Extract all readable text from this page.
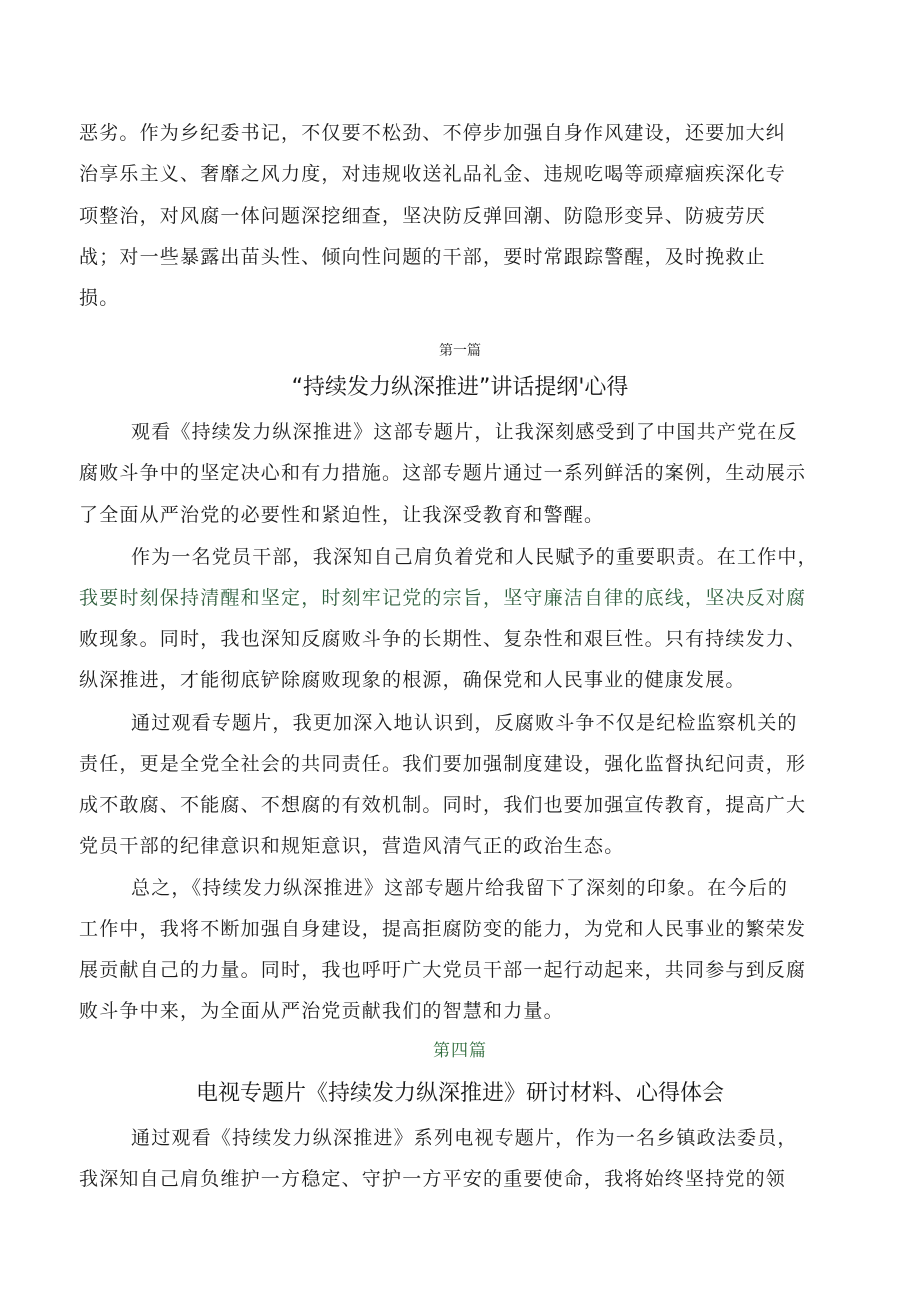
恶劣。作为乡纪委书记，不仅要不松劲、不停步加强自身作风建设，还要加大纠
治享乐主义、奢靡之风力度，对违规收送礼品礼金、违规吃喝等顽瘴痼疾深化专
项整治，对风腐一体问题深挖细查，坚决防反弹回潮、防隐形变异、防疲劳厌
战；对一些暴露出苗头性、倾向性问题的干部，要时常跟踪警醒，及时挽救止
损。
第一篇
“持续发力纵深推进”讲话提纲'心得
观看《持续发力纵深推进》这部专题片，让我深刻感受到了中国共产党在反
腐败斗争中的坚定决心和有力措施。这部专题片通过一系列鲜活的案例，生动展示
了全面从严治党的必要性和紧迫性，让我深受教育和警醒。
作为一名党员干部，我深知自己肩负着党和人民赋予的重要职责。在工作中，
我要时刻保持清醒和坚定，时刻牢记党的宗旨，坚守廉洁自律的底线，坚决反对腐
败现象。同时，我也深知反腐败斗争的长期性、复杂性和艰巨性。只有持续发力、
纵深推进，才能彻底铲除腐败现象的根源，确保党和人民事业的健康发展。
通过观看专题片，我更加深入地认识到，反腐败斗争不仅是纪检监察机关的
责任，更是全党全社会的共同责任。我们要加强制度建设，强化监督执纪问责，形
成不敢腐、不能腐、不想腐的有效机制。同时，我们也要加强宣传教育，提高广大
党员干部的纪律意识和规矩意识，营造风清气正的政治生态。
总之，《持续发力纵深推进》这部专题片给我留下了深刻的印象。在今后的
工作中，我将不断加强自身建设，提高拒腐防变的能力，为党和人民事业的繁荣发
展贡献自己的力量。同时，我也呼吁广大党员干部一起行动起来，共同参与到反腐
败斗争中来，为全面从严治党贡献我们的智慧和力量。
第四篇
电视专题片《持续发力纵深推进》研讨材料、心得体会
通过观看《持续发力纵深推进》系列电视专题片，作为一名乡镇政法委员，
我深知自己肩负维护一方稳定、守护一方平安的重要使命，我将始终坚持党的领
